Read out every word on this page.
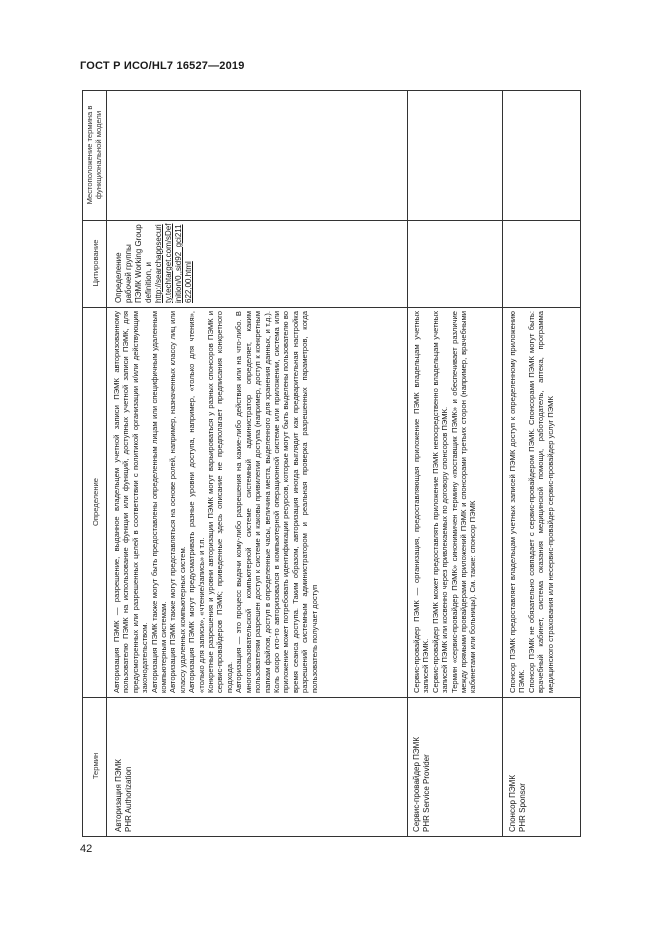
ГОСТ Р ИСО/HL7 16527—2019
Термин
Определение
Цитирование
Местоположение термина в функциональной модели
Авторизация ПЭМК PHR Authorization

Авторизация ПЭМК — разрешение, выданное владельцем учетной записи ПЭМК авторизованному пользователю ПЭМК на использование функции или функций, доступных учетной записи ПЭМК, для предусмотренных или разрешенных целей в соответствии с политикой организации и/или действующим законодательством. Авторизация ПЭМК также могут быть предоставлены определенным лицам или специфичным удаленным компьютерным системам. Авторизация ПЭМК также могут представляться на основе ролей, например, назначенных классу лиц или классу удаленных компьютерных систем. Авторизация ПЭМК могут предусматривать разные уровни доступа, например, «только для чтения», «только для записи», «чтение/запись» и т.п. Конкретные разрешения и уровни авторизации ПЭМК могут варьироваться у разных спонсоров ПЭМК и сервис-провайдеров ПЭМК; приведенные здесь описание не предполагает предписания конкретного подхода. Авторизация — это процесс выдачи кому-либо разрешения на какие-либо действия или на что-либо. В многопользовательской компьютерной системе системный администратор определяет, каким пользователям разрешен доступ к системе и каковы привилегии доступа (например, доступ к конкретным папкам файлов, доступ в определенные часы, величина места, выделенного для хранения данных, и т.д.). Коль скоро кто-то авторизовался в компьютерной операционной системе или приложении, система или приложение может потребовать идентификации ресурсов, которые могут быть выделены пользователю во время сеанса доступа. Таким образом, авторизация иногда выглядит как предварительная настройка разрешений системным администратором и реальная проверка разрешенных параметров, когда пользователь получает доступ

Определение рабочей группы ПЭМК Working Group definition, и http://searchappsecurity.techtarget.com/sDefinition/0,,sid92_gci211622,00.html

Сервис-провайдер ПЭМК PHR Service Provider

Сервис-провайдер ПЭМК — организация, предоставляющая приложение ПЭМК владельцам учетных записей ПЭМК. Сервис-провайдер ПЭМК может предоставлять приложение ПЭМК непосредственно владельцам учетных записей ПЭМК или косвенно через привлекаемых по договору спонсоров ПЭМК. Термин «сервис-провайдер ПЭМК» синонимичен термину «поставщик ПЭМК» и обеспечивает различие между прямыми провайдерами приложений ПЭМК и спонсорами третьих сторон (например, врачебными кабинетами или больницы). См. также: спонсор ПЭМК

Спонсор ПЭМК PHR Sponsor

Спонсор ПЭМК предоставляет владельцам учетных записей ПЭМК доступ к определенному приложению ПЭМК. Спонсор ПЭМК не обязательно совпадает с сервис-провайдером ПЭМК. Спонсорами ПЭМК могут быть: врачебный кабинет, система оказания медицинской помощи, работодатель, аптека, программа медицинского страхования или несервис-провайдер сервис-провайдер услуг ПЭМК

42
